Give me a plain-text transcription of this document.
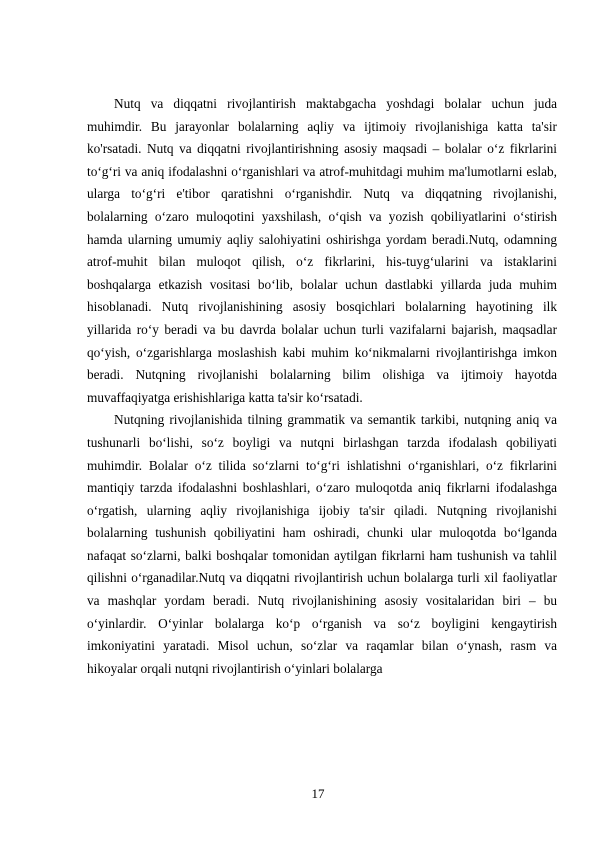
Nutq va diqqatni rivojlantirish maktabgacha yoshdagi bolalar uchun juda muhimdir. Bu jarayonlar bolalarning aqliy va ijtimoiy rivojlanishiga katta ta'sir ko'rsatadi. Nutq va diqqatni rivojlantirishning asosiy maqsadi – bolalar o‘z fikrlarini to‘g‘ri va aniq ifodalashni o‘rganishlari va atrof-muhitdagi muhim ma'lumotlarni eslab, ularga to‘g‘ri e'tibor qaratishni o‘rganishdir. Nutq va diqqatning rivojlanishi, bolalarning o‘zaro muloqotini yaxshilash, o‘qish va yozish qobiliyatlarini o‘stirish hamda ularning umumiy aqliy salohiyatini oshirishga yordam beradi.Nutq, odamning atrof-muhit bilan muloqot qilish, o‘z fikrlarini, his-tuyg‘ularini va istaklarini boshqalarga etkazish vositasi bo‘lib, bolalar uchun dastlabki yillarda juda muhim hisoblanadi. Nutq rivojlanishining asosiy bosqichlari bolalarning hayotining ilk yillarida ro‘y beradi va bu davrda bolalar uchun turli vazifalarni bajarish, maqsadlar qo‘yish, o‘zgarishlarga moslashish kabi muhim ko‘nikmalarni rivojlantirishga imkon beradi. Nutqning rivojlanishi bolalarning bilim olishiga va ijtimoiy hayotda muvaffaqiyatga erishishlariga katta ta'sir ko‘rsatadi.

Nutqning rivojlanishida tilning grammatik va semantik tarkibi, nutqning aniq va tushunarli bo‘lishi, so‘z boyligi va nutqni birlashgan tarzda ifodalash qobiliyati muhimdir. Bolalar o‘z tilida so‘zlarni to‘g‘ri ishlatishni o‘rganishlari, o‘z fikrlarini mantiqiy tarzda ifodalashni boshlashlari, o‘zaro muloqotda aniq fikrlarni ifodalashga o‘rgatish, ularning aqliy rivojlanishiga ijobiy ta'sir qiladi. Nutqning rivojlanishi bolalarning tushunish qobiliyatini ham oshiradi, chunki ular muloqotda bo‘lganda nafaqat so‘zlarni, balki boshqalar tomonidan aytilgan fikrlarni ham tushunish va tahlil qilishni o‘rganadilar.Nutq va diqqatni rivojlantirish uchun bolalarga turli xil faoliyatlar va mashqlar yordam beradi. Nutq rivojlanishining asosiy vositalaridan biri – bu o‘yinlardir. O‘yinlar bolalarga ko‘p o‘rganish va so‘z boyligini kengaytirish imkoniyatini yaratadi. Misol uchun, so‘zlar va raqamlar bilan o‘ynash, rasm va hikoyalar orqali nutqni rivojlantirish o‘yinlari bolalarga

17
